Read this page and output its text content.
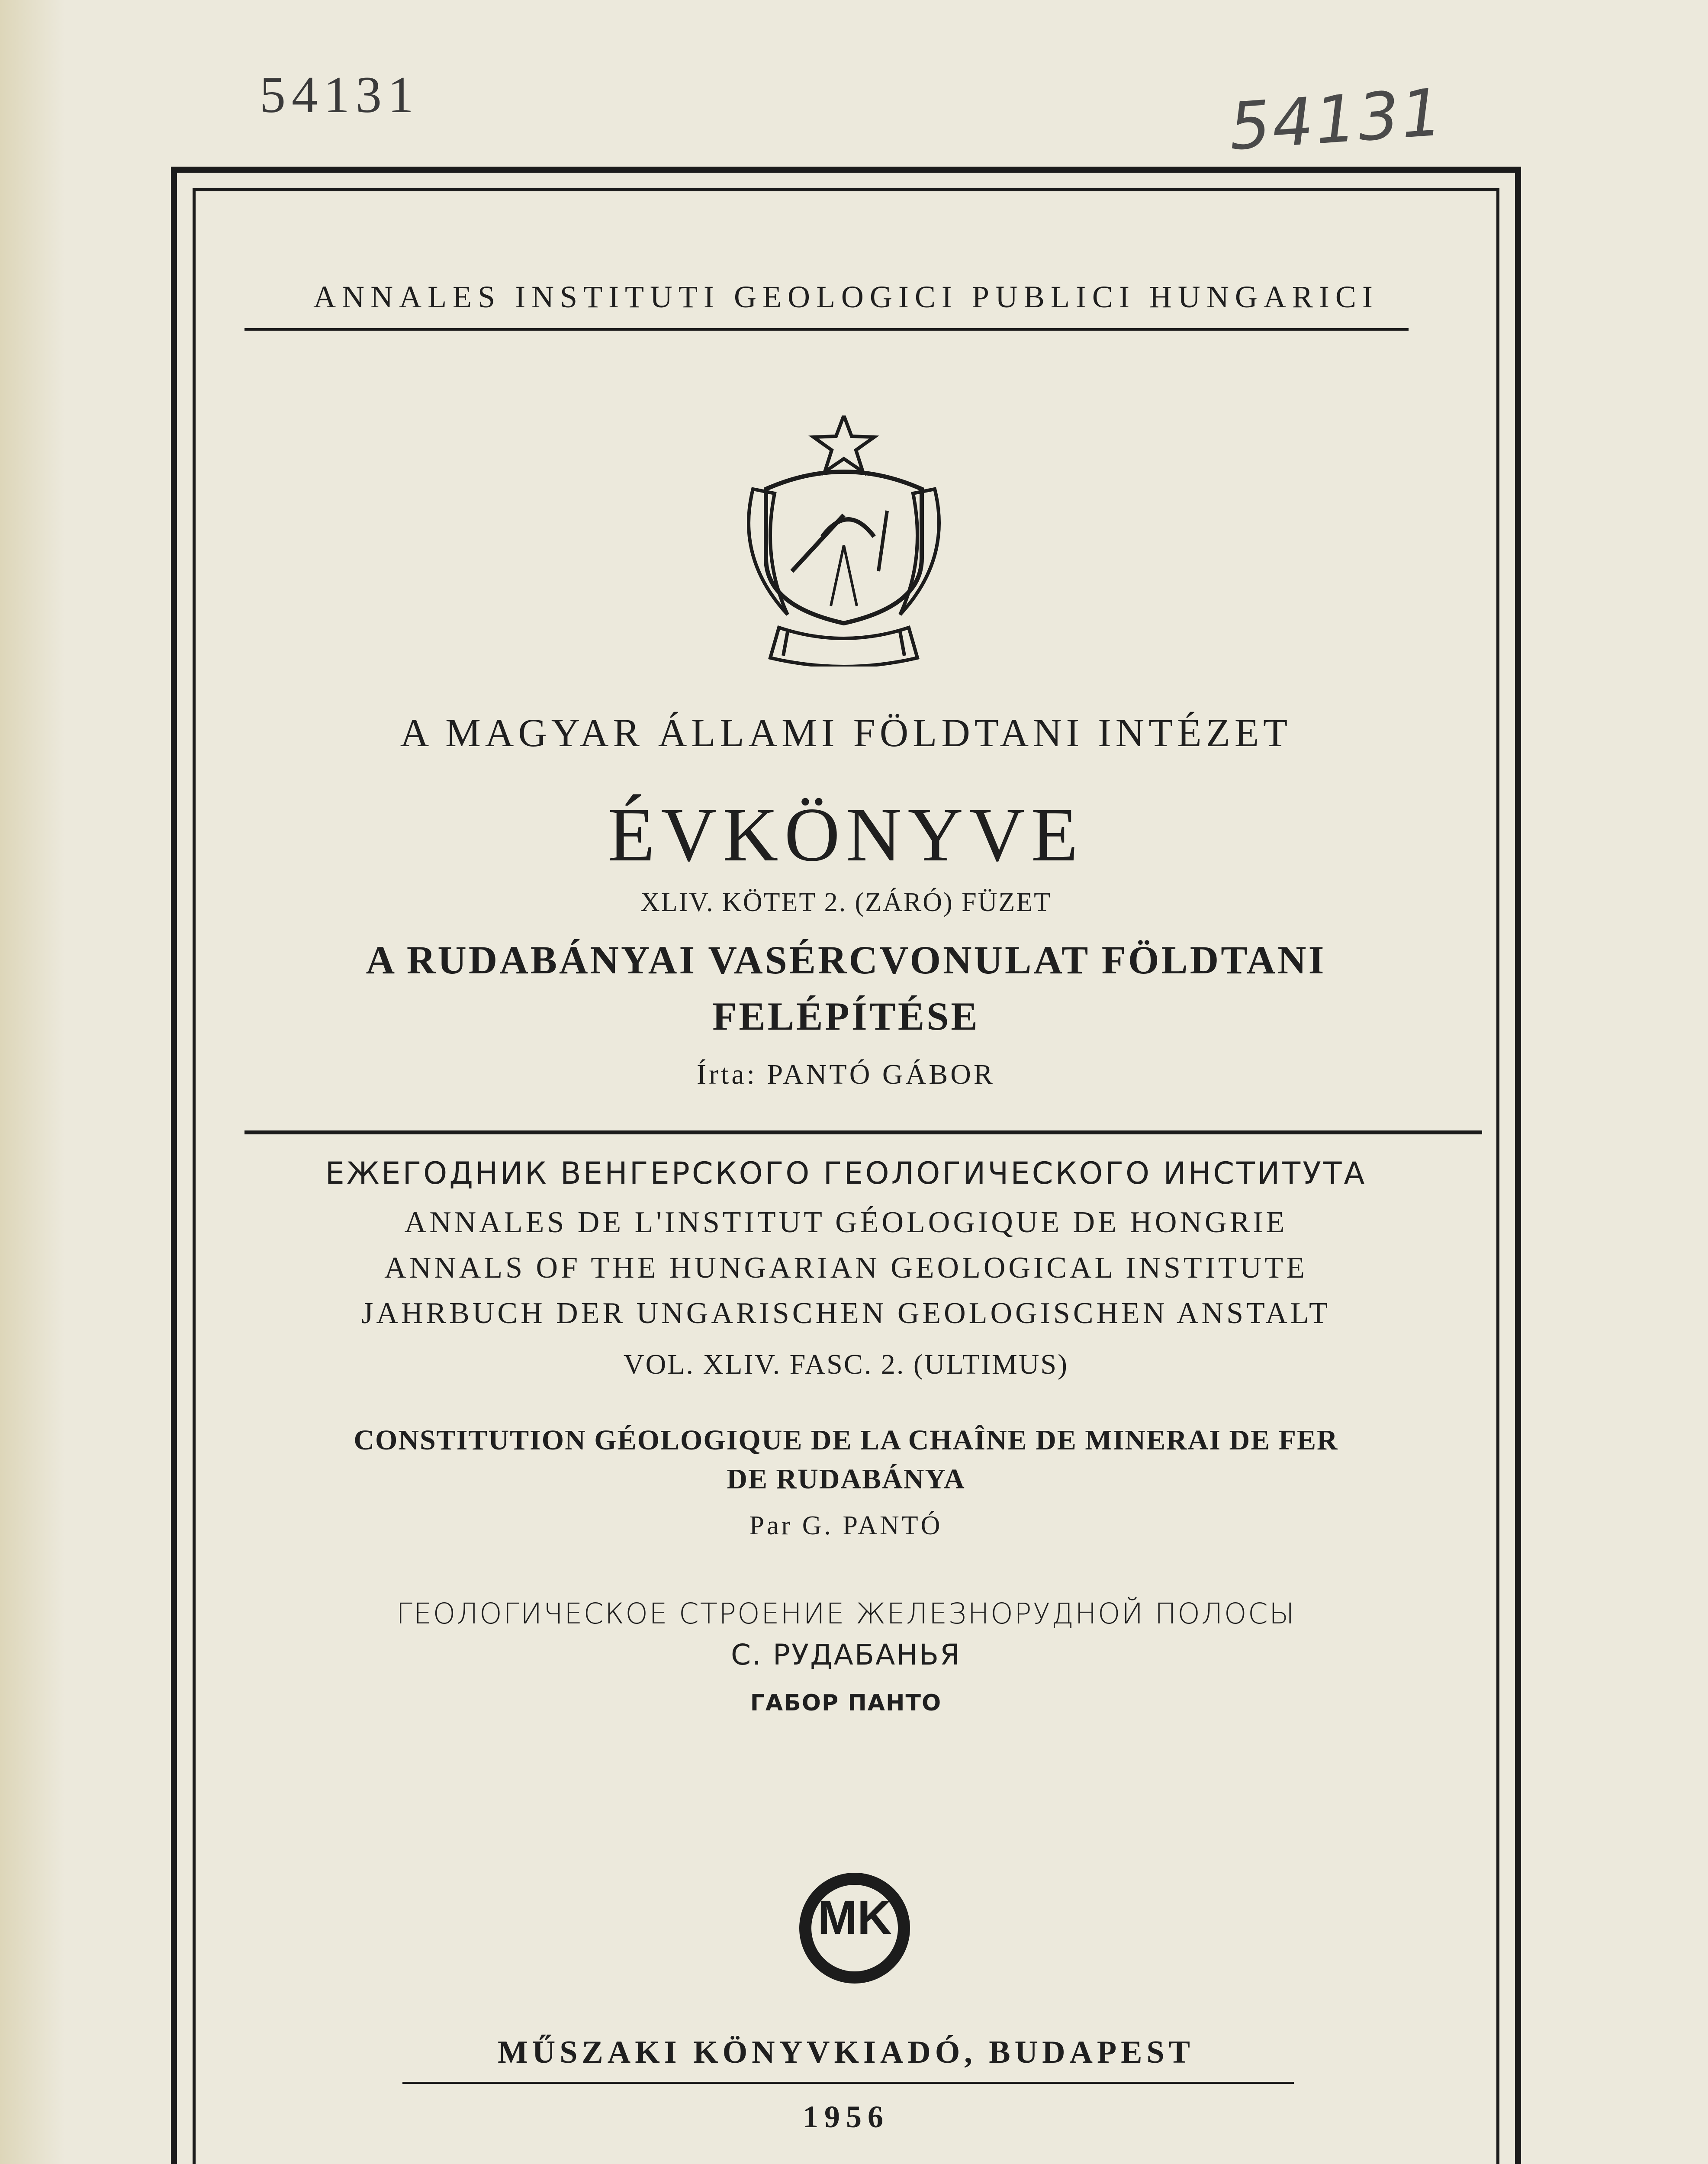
54131	54131
ANNALES INSTITUTI GEOLOGICI PUBLICI HUNGARICI
A MAGYAR ÁLLAMI FÖLDTANI INTÉZET
ÉVKÖNYVE
XLIV. KÖTET 2. (ZÁRÓ) FÜZET
A RUDABÁNYAI VASÉRCVONULAT FÖLDTANI
FELÉPÍTÉSE
Írta: PANTÓ GÁBOR
ЕЖЕГОДНИК ВЕНГЕРСКОГО ГЕОЛОГИЧЕСКОГО ИНСТИТУТА
ANNALES DE L'INSTITUT GÉOLOGIQUE DE HONGRIE
ANNALS OF THE HUNGARIAN GEOLOGICAL INSTITUTE
JAHRBUCH DER UNGARISCHEN GEOLOGISCHEN ANSTALT
VOL. XLIV. FASC. 2. (ULTIMUS)
CONSTITUTION GÉOLOGIQUE DE LA CHAÎNE DE MINERAI DE FER
DE RUDABÁNYA
Par G. PANTÓ
ГЕОЛОГИЧЕСКОЕ СТРОЕНИЕ ЖЕЛЕЗНОРУДНОЙ ПОЛОСЫ
С. РУДАБАНЬЯ
ГАБОР ПАНТО
MK
MŰSZAKI KÖNYVKIADÓ, BUDAPEST
1956
